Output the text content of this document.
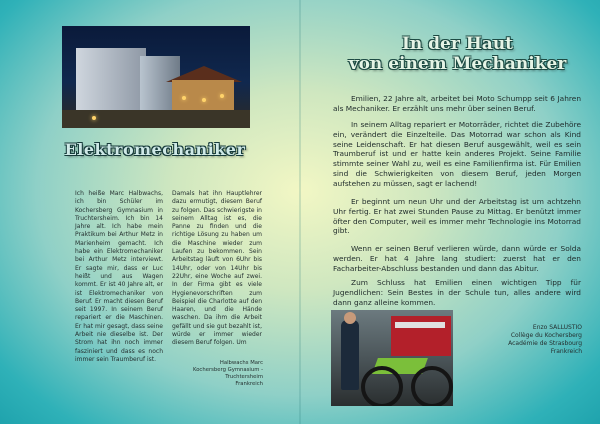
Elektromechaniker
Ich heiße Marc Halbwachs, ich bin Schüler im Kochersberg Gymnasium in Truchtersheim. Ich bin 14 Jahre alt. Ich habe mein Praktikum bei Arthur Metz in Marienheim gemacht. Ich habe ein Elektromechaniker bei Arthur Metz interviewt. Er sagte mir, dass er Luc heißt und aus Wagen kommt. Er ist 40 Jahre alt, er ist Elektromechaniker von Beruf. Er macht diesen Beruf seit 1997. In seinem Beruf repariert er die Maschinen. Er hat mir gesagt, dass seine Arbeit nie dieselbe ist. Der Strom hat ihn noch immer fasziniert und dass es noch immer sein Traumberuf ist.
Damals hat ihn Hauptlehrer dazu ermutigt, diesem Beruf zu folgen. Das schwierigste in seinem Alltag ist es, die Panne zu finden und die richtige Lösung zu haben um die Maschine wieder zum Laufen zu bekommen. Sein Arbeitstag läuft von 6Uhr bis 14Uhr, oder von 14Uhr bis 22Uhr, eine Woche auf zwei. In der Firma gibt es viele Hygienevorschriften zum Beispiel die Charlotte auf den Haaren, und die Hände waschen. Da ihm die Arbeit gefällt und sie gut bezahlt ist, würde er immer wieder diesem Beruf folgen. Um
Halbwachs Marc
Kochersberg Gymnasium - Truchtersheim
Frankreich
In der Haut
von einem Mechaniker
Emilien, 22 Jahre alt, arbeitet bei Moto Schumpp seit 6 Jahren als Mechaniker. Er erzählt uns mehr über seinen Beruf.
In seinem Alltag repariert er Motorräder, richtet die Zubehöre ein, verändert die Einzelteile. Das Motorrad war schon als Kind seine Leidenschaft. Er hat diesen Beruf ausgewählt, weil es sein Traumberuf ist und er hatte kein anderes Projekt. Seine Familie stimmte seiner Wahl zu, weil es eine Familienfirma ist. Für Emilien sind die Schwierigkeiten von diesem Beruf, jeden Morgen aufstehen zu müssen, sagt er lachend!
Er beginnt um neun Uhr und der Arbeitstag ist um achtzehn Uhr fertig. Er hat zwei Stunden Pause zu Mittag. Er benützt immer öfter den Computer, weil es immer mehr Technologie ins Motorrad gibt.
Wenn er seinen Beruf verlieren würde, dann würde er Solda werden. Er hat 4 Jahre lang studiert: zuerst hat er den Facharbeiter-Abschluss bestanden und dann das Abitur.
Zum Schluss hat Emilien einen wichtigen Tipp für Jugendlichen: Sein Bestes in der Schule tun, alles andere wird dann ganz alleine kommen.
Enzo SALLUSTIO
Collège du Kochersberg
Académie de Strasbourg
Frankreich
